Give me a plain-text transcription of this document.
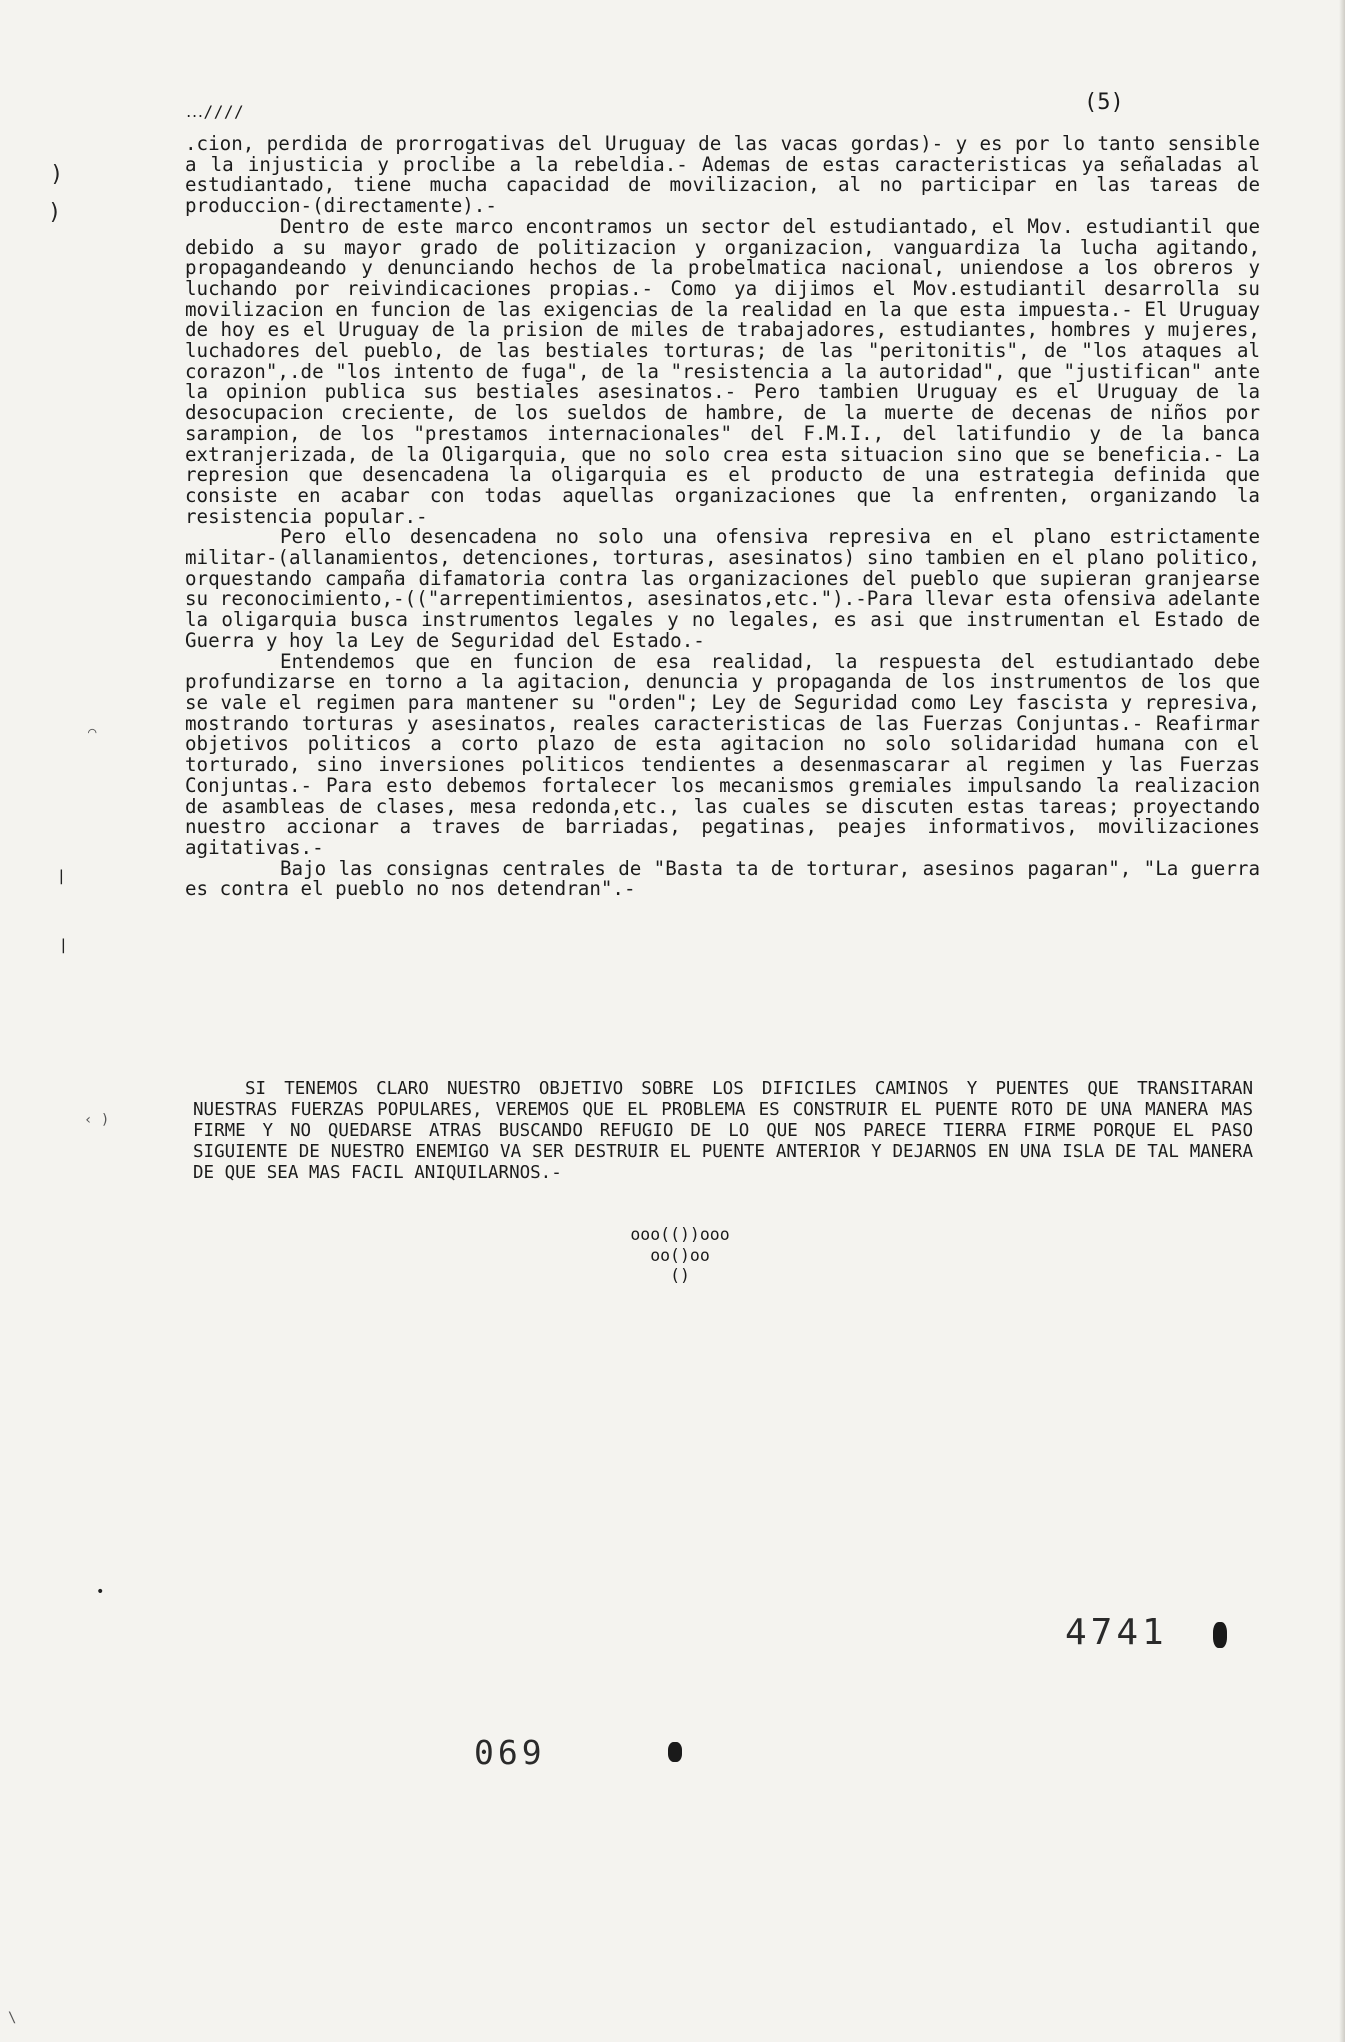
․․․////	(5)

.cion, perdida de prorrogativas del Uruguay de las vacas gordas)- y es por lo tanto sensible a la injusticia y proclibe a la rebeldia.- Ademas de estas caracteristicas ya señaladas al estudiantado, tiene mucha capacidad de movilizacion, al no participar en las tareas de produccion-(directamente).-

Dentro de este marco encontramos un sector del estudiantado, el Mov. estudiantil que debido a su mayor grado de politizacion y organizacion, vanguardiza la lucha agitando, propagandeando y denunciando hechos de la probelmatica nacional, uniendose a los obreros y luchando por reivindicaciones propias.- Como ya dijimos el Mov.estudiantil desarrolla su movilizacion en funcion de las exigencias de la realidad en la que esta impuesta.- El Uruguay de hoy es el Uruguay de la prision de miles de trabajadores, estudiantes, hombres y mujeres, luchadores del pueblo, de las bestiales torturas; de las "peritonitis", de "los ataques al corazon",.de "los intento de fuga", de la "resistencia a la autoridad", que "justifican" ante la opinion publica sus bestiales asesinatos.- Pero tambien Uruguay es el Uruguay de la desocupacion creciente, de los sueldos de hambre, de la muerte de decenas de niños por sarampion, de los "prestamos internacionales" del F.M.I., del latifundio y de la banca extranjerizada, de la Oligarquia, que no solo crea esta situacion sino que se beneficia.- La represion que desencadena la oligarquia es el producto de una estrategia definida que consiste en acabar con todas aquellas organizaciones que la enfrenten, organizando la resistencia popular.-

Pero ello desencadena no solo una ofensiva represiva en el plano estrictamente militar-(allanamientos, detenciones, torturas, asesinatos) sino tambien en el plano politico, orquestando campaña difamatoria contra las organizaciones del pueblo que supieran granjearse su reconocimiento,-(("arrepentimientos, asesinatos,etc.").-Para llevar esta ofensiva adelante la oligarquia busca instrumentos legales y no legales, es asi que instrumentan el Estado de Guerra y hoy la Ley de Seguridad del Estado.-

Entendemos que en funcion de esa realidad, la respuesta del estudiantado debe profundizarse en torno a la agitacion, denuncia y propaganda de los instrumentos de los que se vale el regimen para mantener su "orden"; Ley de Seguridad como Ley fascista y represiva, mostrando torturas y asesinatos, reales caracteristicas de las Fuerzas Conjuntas.- Reafirmar objetivos politicos a corto plazo de esta agitacion no solo solidaridad humana con el torturado, sino inversiones politicos tendientes a desenmascarar al regimen y las Fuerzas Conjuntas.- Para esto debemos fortalecer los mecanismos gremiales impulsando la realizacion de asambleas de clases, mesa redonda,etc., las cuales se discuten estas tareas; proyectando nuestro accionar a traves de barriadas, pegatinas, peajes informativos, movilizaciones agitativas.-

Bajo las consignas centrales de "Basta ta de torturar, asesinos pagaran", "La guerra es contra el pueblo no nos detendran".-

SI TENEMOS CLARO NUESTRO OBJETIVO SOBRE LOS DIFICILES CAMINOS Y PUENTES QUE TRANSITARAN NUESTRAS FUERZAS POPULARES, VEREMOS QUE EL PROBLEMA ES CONSTRUIR EL PUENTE ROTO DE UNA MANERA MAS FIRME Y NO QUEDARSE ATRAS BUSCANDO REFUGIO DE LO QUE NOS PARECE TIERRA FIRME PORQUE EL PASO SIGUIENTE DE NUESTRO ENEMIGO VA SER DESTRUIR EL PUENTE ANTERIOR Y DEJARNOS EN UNA ISLA DE TAL MANERA DE QUE SEA MAS FACIL ANIQUILARNOS.-

ooo(())ooo
oo()oo
()
4741
069
)
)
❘
❘
‹ )
⌒
•
\
